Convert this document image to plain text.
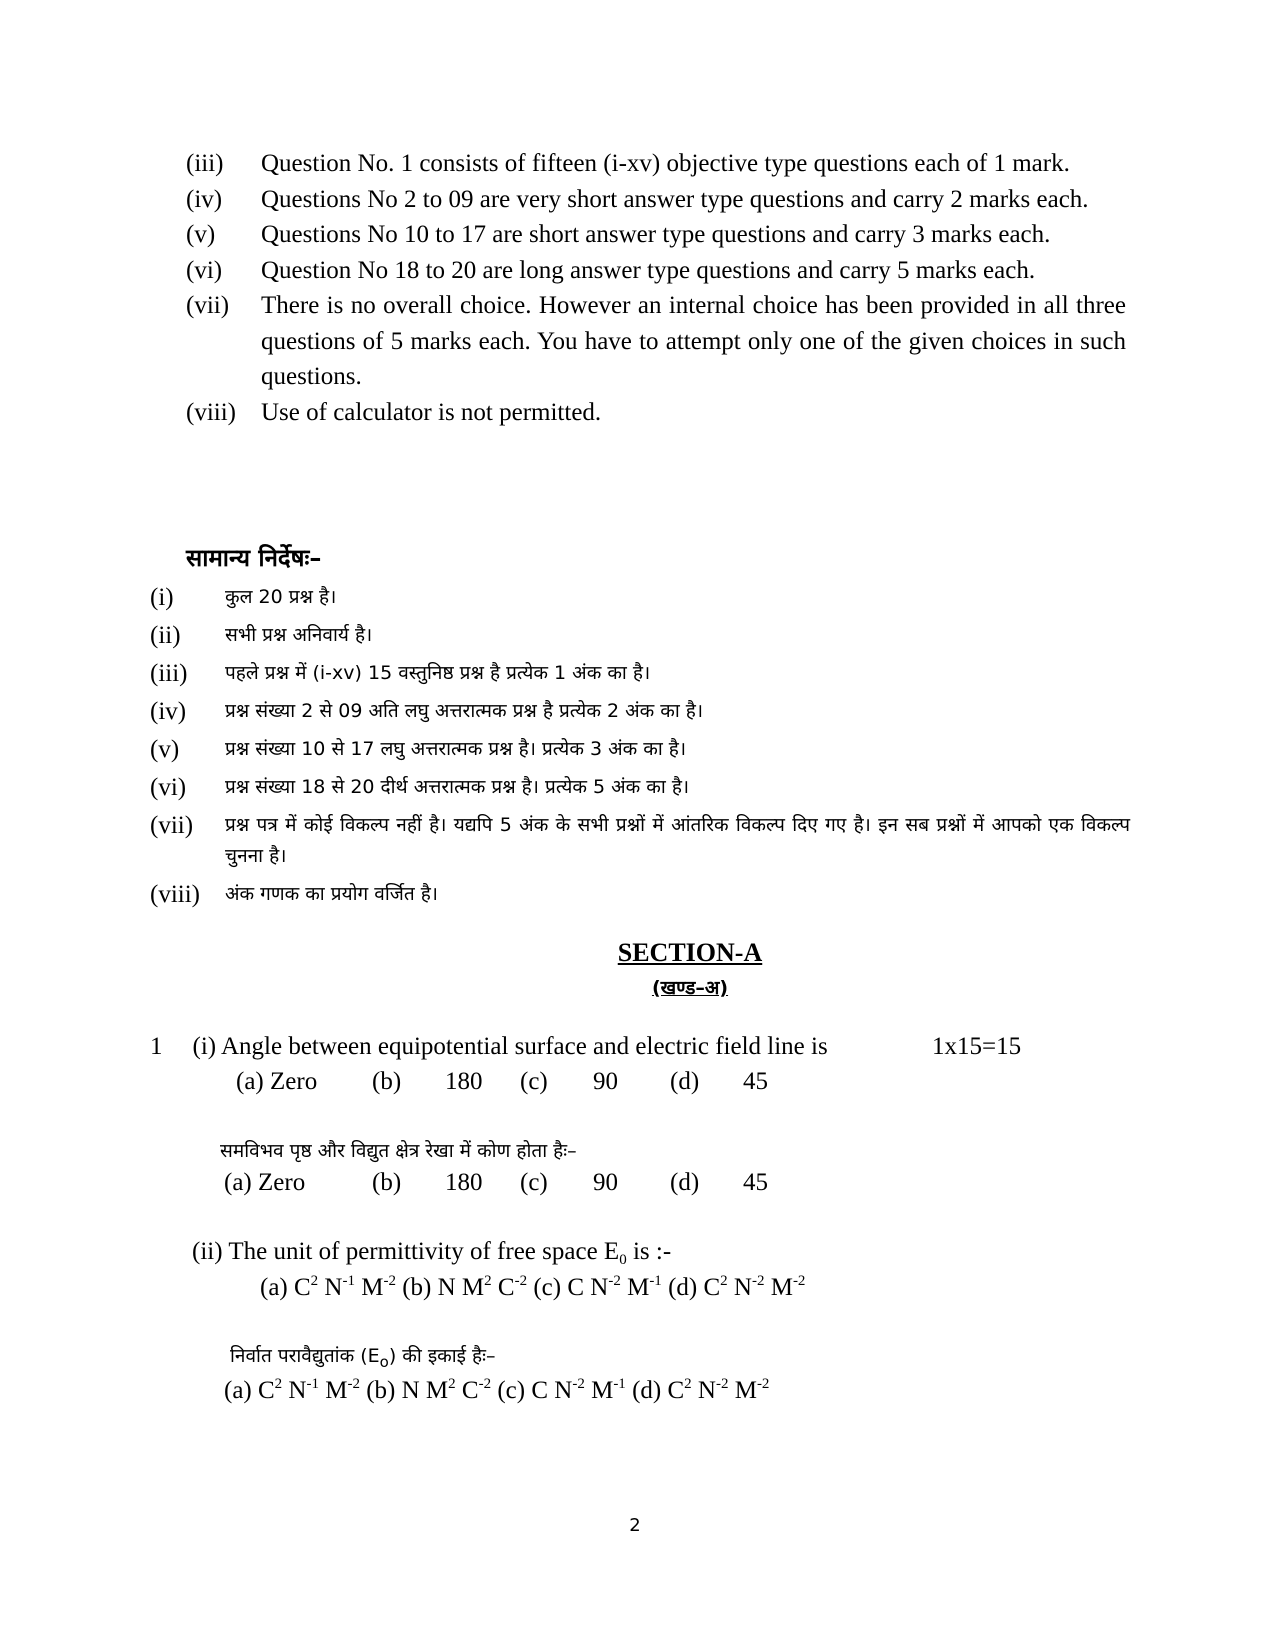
(iii)	Question No. 1 consists of fifteen (i-xv) objective type questions each of 1 mark.
(iv)	Questions No 2 to 09 are very short answer type questions and carry 2 marks each.
(v)	Questions No 10 to 17 are short answer type questions and carry 3 marks each.
(vi)	Question No 18 to 20 are long answer type questions and carry 5 marks each.
(vii)	There is no overall choice. However an internal choice has been provided in all three questions of 5 marks each. You have to attempt only one of the given choices in such questions.
(viii)	Use of calculator is not permitted.
सामान्य निर्देषः–
(i)	कुल 20 प्रश्न है।
(ii)	सभी प्रश्न अनिवार्य है।
(iii)	पहले प्रश्न में (i-xv) 15 वस्तुनिष्ठ प्रश्न है प्रत्येक 1 अंक का है।
(iv)	प्रश्न संख्या 2 से 09 अति लघु अत्तरात्मक प्रश्न है प्रत्येक 2 अंक का है।
(v)	प्रश्न संख्या 10 से 17 लघु अत्तरात्मक प्रश्न है। प्रत्येक 3 अंक का है।
(vi)	प्रश्न संख्या 18 से 20 दीर्थ अत्तरात्मक प्रश्न है। प्रत्येक 5 अंक का है।
(vii)	प्रश्न पत्र में कोई विकल्प नहीं है। यद्यपि 5 अंक के सभी प्रश्नों में आंतरिक विकल्प दिए गए है। इन सब प्रश्नों में आपको एक विकल्प चुनना है।
(viii)	अंक गणक का प्रयोग वर्जित है।
SECTION-A
(खण्ड–अ)
1 (i) Angle between equipotential surface and electric field line is	1x15=15
(a) Zero (b) 180 (c) 90 (d) 45
समविभव पृष्ठ और विद्युत क्षेत्र रेखा में कोण होता हैः–
(a) Zero	(b) 180 (c) 90 (d) 45
(ii) The unit of permittivity of free space $E_0$ is :-
(a) $C^2$ $N^{-1}$ $M^{-2}$ (b) N $M^2$ $C^{-2}$ (c) C $N^{-2}$ $M^{-1}$ (d) $C^2$ $N^{-2}$ $M^{-2}$
निर्वात परावैद्युतांक $(E_o)$ की इकाई हैः–
(a) $C^2$ $N^{-1}$ $M^{-2}$ (b) N $M^2$ $C^{-2}$ (c) C $N^{-2}$ $M^{-1}$ (d) $C^2$ $N^{-2}$ $M^{-2}$
2
